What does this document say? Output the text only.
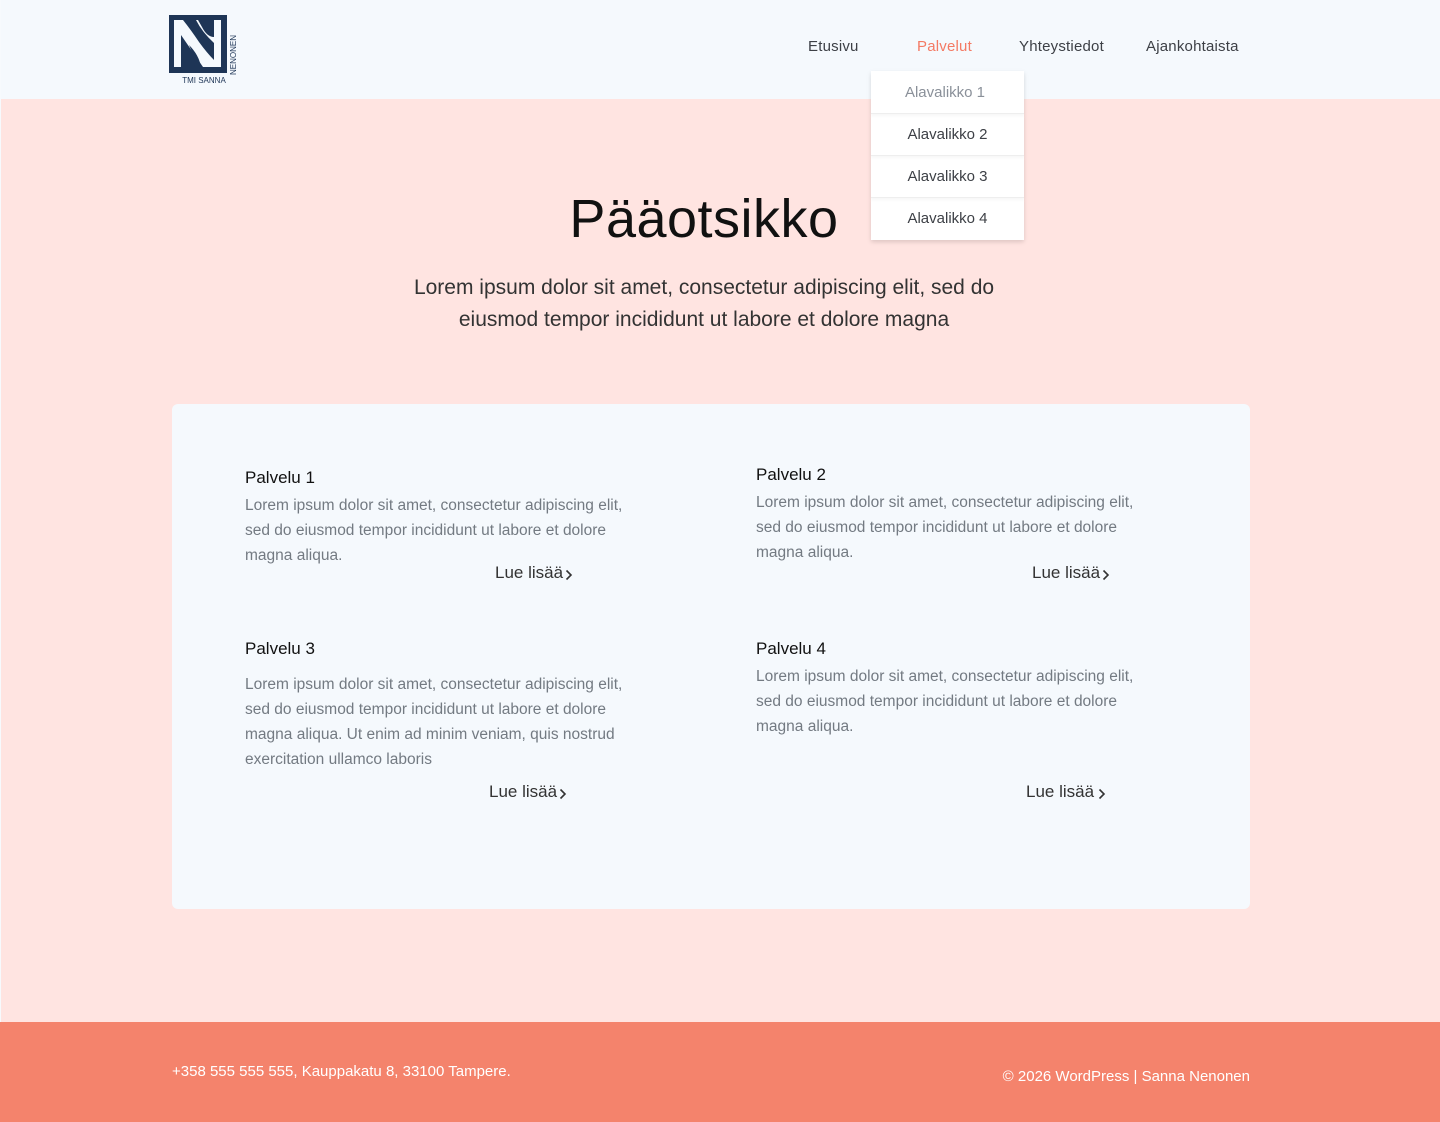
TMI SANNA
NENONEN	Etusivu	Palvelut	Yhteystiedot	Ajankohtaista
Alavalikko 1
Alavalikko 2
Alavalikko 3
Alavalikko 4
Pääotsikko

Lorem ipsum dolor sit amet, consectetur adipiscing elit, sed do eiusmod tempor incididunt ut labore et dolore magna

Palvelu 1
Lorem ipsum dolor sit amet, consectetur adipiscing elit, sed do eiusmod tempor incididunt ut labore et dolore magna aliqua.
Lue lisää
Palvelu 2
Lorem ipsum dolor sit amet, consectetur adipiscing elit, sed do eiusmod tempor incididunt ut labore et dolore magna aliqua.
Lue lisää
Palvelu 3
Lorem ipsum dolor sit amet, consectetur adipiscing elit, sed do eiusmod tempor incididunt ut labore et dolore magna aliqua. Ut enim ad minim veniam, quis nostrud exercitation ullamco laboris
Lue lisää
Palvelu 4
Lorem ipsum dolor sit amet, consectetur adipiscing elit, sed do eiusmod tempor incididunt ut labore et dolore magna aliqua.
Lue lisää
+358 555 555 555, Kauppakatu 8, 33100 Tampere.	© 2026 WordPress | Sanna Nenonen
